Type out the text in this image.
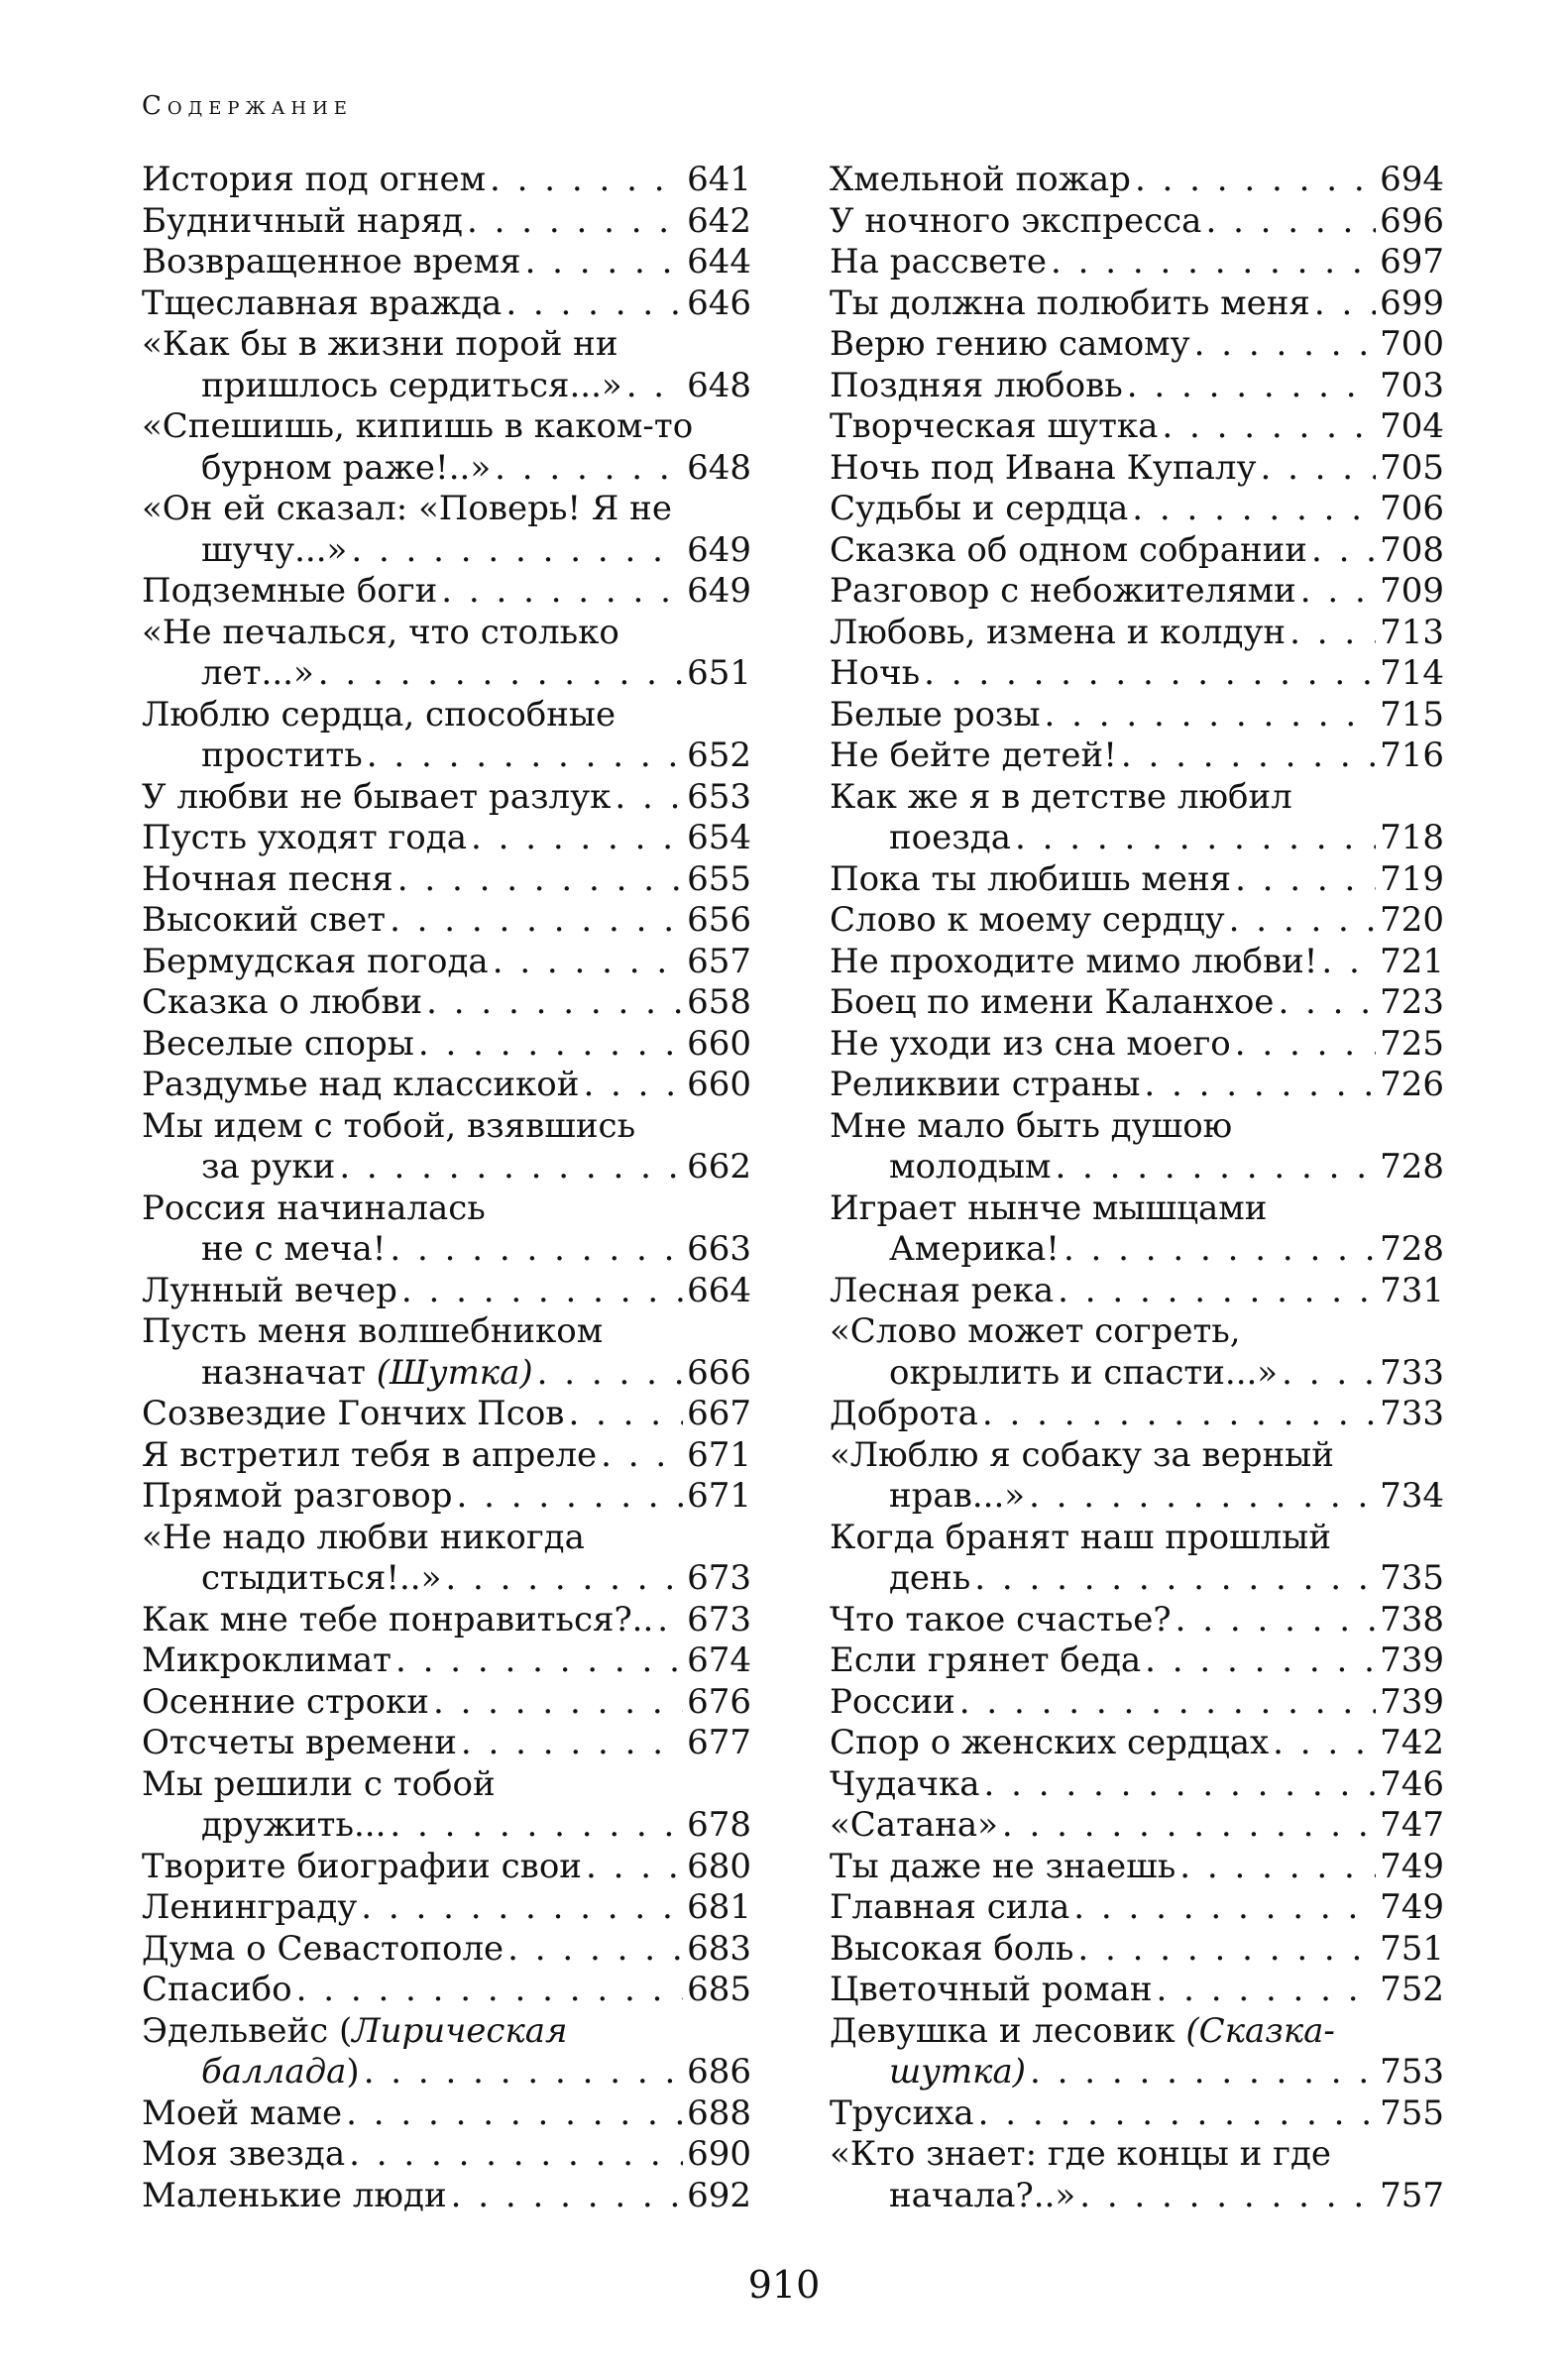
Содержание
История под огнем . . .	641
Будничный наряд . . .	642
Возвращенное время . . .	644
Тщеславная вражда . . .	646
«Как бы в жизни порой ни
пришлось сердиться...» . . . 648
«Спешишь, кипишь в каком-то
бурном раже!..» . . .	648
«Он ей сказал: «Поверь! Я не
шучу...» . . .	649
Подземные боги . . .	649
«Не печалься, что столько
лет...» . . .	651
Люблю сердца, способные
простить . . .	652
У любви не бывает разлук . . . 653
Пусть уходят года . . .	654
Ночная песня . . .	655
Высокий свет . . .	656
Бермудская погода . . .	657
Сказка о любви . . .	658
Веселые споры . . .	660
Раздумье над классикой . . .	660
Мы идем с тобой, взявшись
за руки . . .	662
Россия начиналась
не с меча! . . .	663
Лунный вечер . . .	664
Пусть меня волшебником
назначат (Шутка) . . .	666
Созвездие Гончих Псов . . .	667
Я встретил тебя в апреле . . .	671
Прямой разговор . . .	671
«Не надо любви никогда
стыдиться!..» . . .	673
Как мне тебе понравиться?.. . . . 673
Микроклимат . . .	674
Осенние строки . . .	676
Отсчеты времени . . .	677
Мы решили с тобой
дружить... . . .	678
Творите биографии свои . . .	680
Ленинграду . . .	681
Дума о Севастополе . . .	683
Спасибо . . .	685
Эдельвейс (Лирическая
баллада) . . .	686
Моей маме . . .	688
Моя звезда . . .	690
Маленькие люди . . .	692
Хмельной пожар . . .	694
У ночного экспресса . . .	696
На рассвете . . .	697
Ты должна полюбить меня . . . 699
Верю гению самому . . .	700
Поздняя любовь . . .	703
Творческая шутка . . .	704
Ночь под Ивана Купалу . . .	705
Судьбы и сердца . . .	706
Сказка об одном собрании . . . 708
Разговор с небожителями . . . 709
Любовь, измена и колдун . . .	713
Ночь . . .	714
Белые розы . . .	715
Не бейте детей! . . .	716
Как же я в детстве любил
поезда . . .	718
Пока ты любишь меня . . .	719
Слово к моему сердцу . . .	720
Не проходите мимо любви! . . . 721
Боец по имени Каланхое . . .	723
Не уходи из сна моего . . .	725
Реликвии страны . . .	726
Мне мало быть душою
молодым . . .	728
Играет нынче мышцами
Америка! . . .	728
Лесная река . . .	731
«Слово может согреть,
окрылить и спасти...» . . .	733
Доброта . . .	733
«Люблю я собаку за верный
нрав...» . . .	734
Когда бранят наш прошлый
день . . .	735
Что такое счастье? . . .	738
Если грянет беда . . .	739
России . . .	739
Спор о женских сердцах . . .	742
Чудачка . . .	746
«Сатана» . . .	747
Ты даже не знаешь . . .	749
Главная сила . . .	749
Высокая боль . . .	751
Цветочный роман . . .	752
Девушка и лесовик (Сказка-
шутка) . . .	753
Трусиха . . .	755
«Кто знает: где концы и где
начала?..» . . .	757
910
